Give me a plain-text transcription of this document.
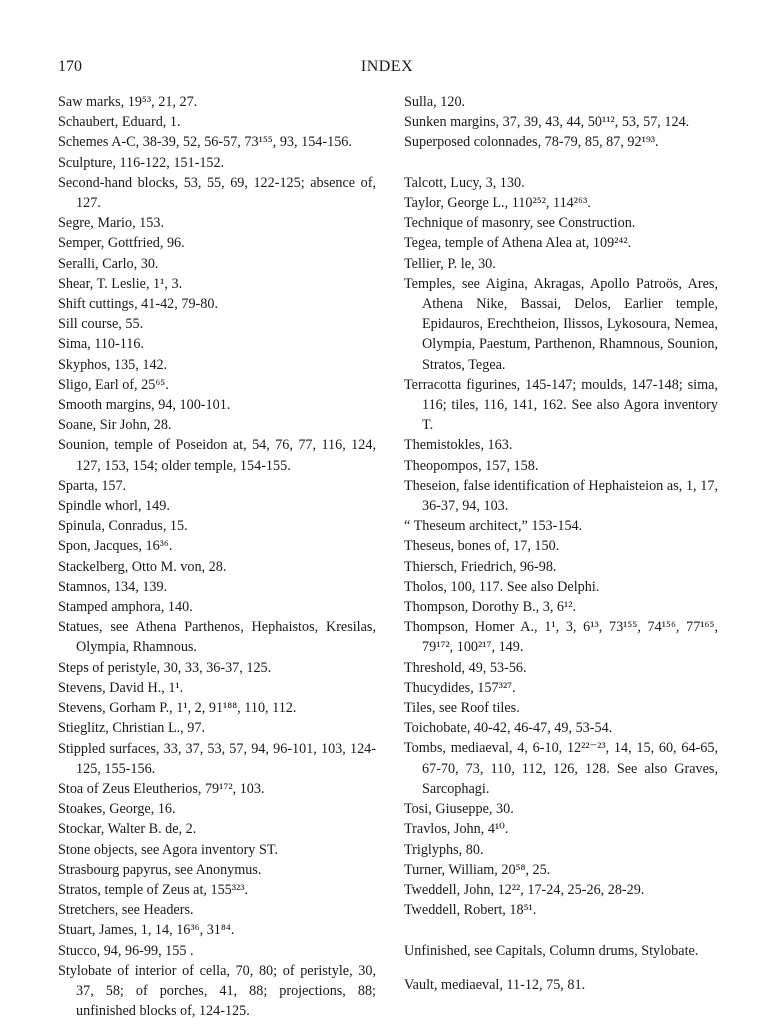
170	INDEX

Saw marks, 19⁵³, 21, 27.

Schaubert, Eduard, 1.

Schemes A-C, 38-39, 52, 56-57, 73¹⁵⁵, 93, 154-156.

Sculpture, 116-122, 151-152.

Second-hand blocks, 53, 55, 69, 122-125; absence of, 127.

Segre, Mario, 153.

Semper, Gottfried, 96.

Seralli, Carlo, 30.

Shear, T. Leslie, 1¹, 3.

Shift cuttings, 41-42, 79-80.

Sill course, 55.

Sima, 110-116.

Skyphos, 135, 142.

Sligo, Earl of, 25⁶⁵.

Smooth margins, 94, 100-101.

Soane, Sir John, 28.

Sounion, temple of Poseidon at, 54, 76, 77, 116, 124, 127, 153, 154; older temple, 154-155.

Sparta, 157.

Spindle whorl, 149.

Spinula, Conradus, 15.

Spon, Jacques, 16³⁶.

Stackelberg, Otto M. von, 28.

Stamnos, 134, 139.

Stamped amphora, 140.

Statues, see Athena Parthenos, Hephaistos, Kresilas, Olympia, Rhamnous.

Steps of peristyle, 30, 33, 36-37, 125.

Stevens, David H., 1¹.

Stevens, Gorham P., 1¹, 2, 91¹⁸⁸, 110, 112.

Stieglitz, Christian L., 97.

Stippled surfaces, 33, 37, 53, 57, 94, 96-101, 103, 124-125, 155-156.

Stoa of Zeus Eleutherios, 79¹⁷², 103.

Stoakes, George, 16.

Stockar, Walter B. de, 2.

Stone objects, see Agora inventory ST.

Strasbourg papyrus, see Anonymus.

Stratos, temple of Zeus at, 155³²³.

Stretchers, see Headers.

Stuart, James, 1, 14, 16³⁶, 31⁸⁴.

Stucco, 94, 96-99, 155 .

Stylobate of interior of cella, 70, 80; of peristyle, 30, 37, 58; of porches, 41, 88; projections, 88; unfinished blocks of, 124-125.

Sulla, 120.

Sunken margins, 37, 39, 43, 44, 50¹¹², 53, 57, 124.

Superposed colonnades, 78-79, 85, 87, 92¹⁹³.

Talcott, Lucy, 3, 130.

Taylor, George L., 110²⁵², 114²⁶³.

Technique of masonry, see Construction.

Tegea, temple of Athena Alea at, 109²⁴².

Tellier, P. le, 30.

Temples, see Aigina, Akragas, Apollo Patroös, Ares, Athena Nike, Bassai, Delos, Earlier temple, Epidauros, Erechtheion, Ilissos, Lykosoura, Nemea, Olympia, Paestum, Parthenon, Rhamnous, Sounion, Stratos, Tegea.

Terracotta figurines, 145-147; moulds, 147-148; sima, 116; tiles, 116, 141, 162. See also Agora inventory T.

Themistokles, 163.

Theopompos, 157, 158.

Theseion, false identification of Hephaisteion as, 1, 17, 36-37, 94, 103.

“ Theseum architect,” 153-154.

Theseus, bones of, 17, 150.

Thiersch, Friedrich, 96-98.

Tholos, 100, 117. See also Delphi.

Thompson, Dorothy B., 3, 6¹².

Thompson, Homer A., 1¹, 3, 6¹³, 73¹⁵⁵, 74¹⁵⁶, 77¹⁶⁵, 79¹⁷², 100²¹⁷, 149.

Threshold, 49, 53-56.

Thucydides, 157³²⁷.

Tiles, see Roof tiles.

Toichobate, 40-42, 46-47, 49, 53-54.

Tombs, mediaeval, 4, 6-10, 12²²⁻²³, 14, 15, 60, 64-65, 67-70, 73, 110, 112, 126, 128. See also Graves, Sarcophagi.

Tosi, Giuseppe, 30.

Travlos, John, 4¹⁰.

Triglyphs, 80.

Turner, William, 20⁵⁸, 25.

Tweddell, John, 12²², 17-24, 25-26, 28-29.

Tweddell, Robert, 18⁵¹.

Unfinished, see Capitals, Column drums, Stylobate.

Vault, mediaeval, 11-12, 75, 81.
